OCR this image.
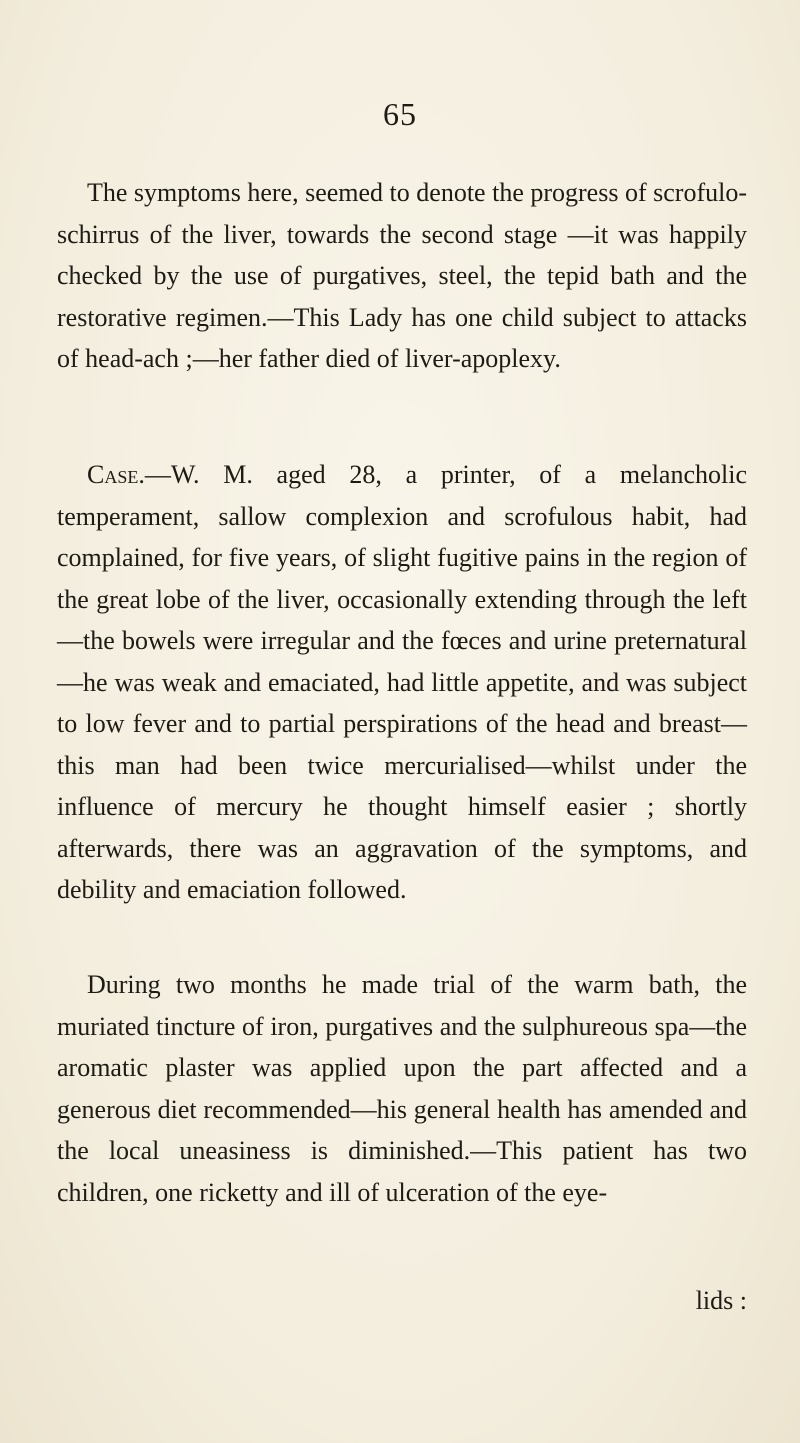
65

The symptoms here, seemed to denote the progress of scrofulo-schirrus of the liver, towards the second stage —it was happily checked by the use of purgatives, steel, the tepid bath and the restorative regimen.—This Lady has one child subject to attacks of head-ach ;—her father died of liver-apoplexy.

Case.—W. M. aged 28, a printer, of a melancholic temperament, sallow complexion and scrofulous habit, had complained, for five years, of slight fugitive pains in the region of the great lobe of the liver, occasionally extending through the left—the bowels were irregular and the fœces and urine preternatural—he was weak and emaciated, had little appetite, and was subject to low fever and to partial perspirations of the head and breast—this man had been twice mercurialised—whilst under the influence of mercury he thought himself easier ; shortly afterwards, there was an aggravation of the symptoms, and debility and emaciation followed.

During two months he made trial of the warm bath, the muriated tincture of iron, purgatives and the sulphureous spa—the aromatic plaster was applied upon the part affected and a generous diet recommended—his general health has amended and the local uneasiness is diminished.—This patient has two children, one ricketty and ill of ulceration of the eye-

lids :
